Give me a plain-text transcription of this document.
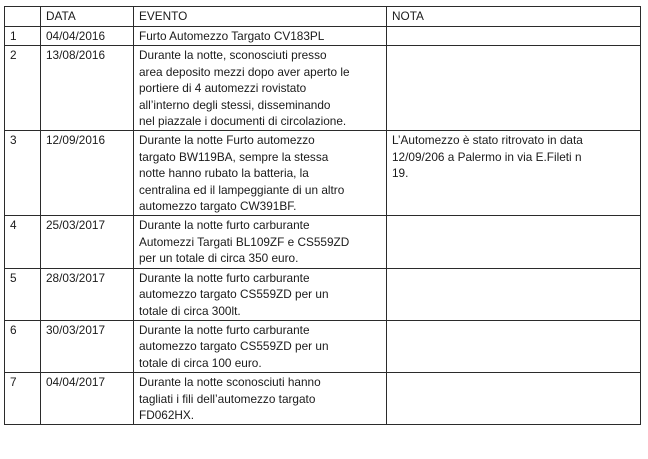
	DATA	EVENTO	NOTA
1	04/04/2016	Furto Automezzo Targato CV183PL	

2	13/08/2016	Durante la notte, sconosciuti presso
area deposito mezzi dopo aver aperto le
portiere di 4 automezzi rovistato
all’interno degli stessi, disseminando
nel piazzale i documenti di circolazione.	

3	12/09/2016	Durante la notte Furto automezzo
targato BW119BA, sempre la stessa
notte hanno rubato la batteria, la
centralina ed il lampeggiante di un altro
automezzo targato CW391BF.	L’Automezzo è stato ritrovato in data
12/09/206 a Palermo in via E.Fileti n
19.

4	25/03/2017	Durante la notte furto carburante
Automezzi Targati BL109ZF e CS559ZD
per un totale di circa 350 euro.	

5	28/03/2017	Durante la notte furto carburante
automezzo targato CS559ZD per un
totale di circa 300lt.	

6	30/03/2017	Durante la notte furto carburante
automezzo targato CS559ZD per un
totale di circa 100 euro.	

7	04/04/2017	Durante la notte sconosciuti hanno
tagliati i fili dell’automezzo targato
FD062HX.	
